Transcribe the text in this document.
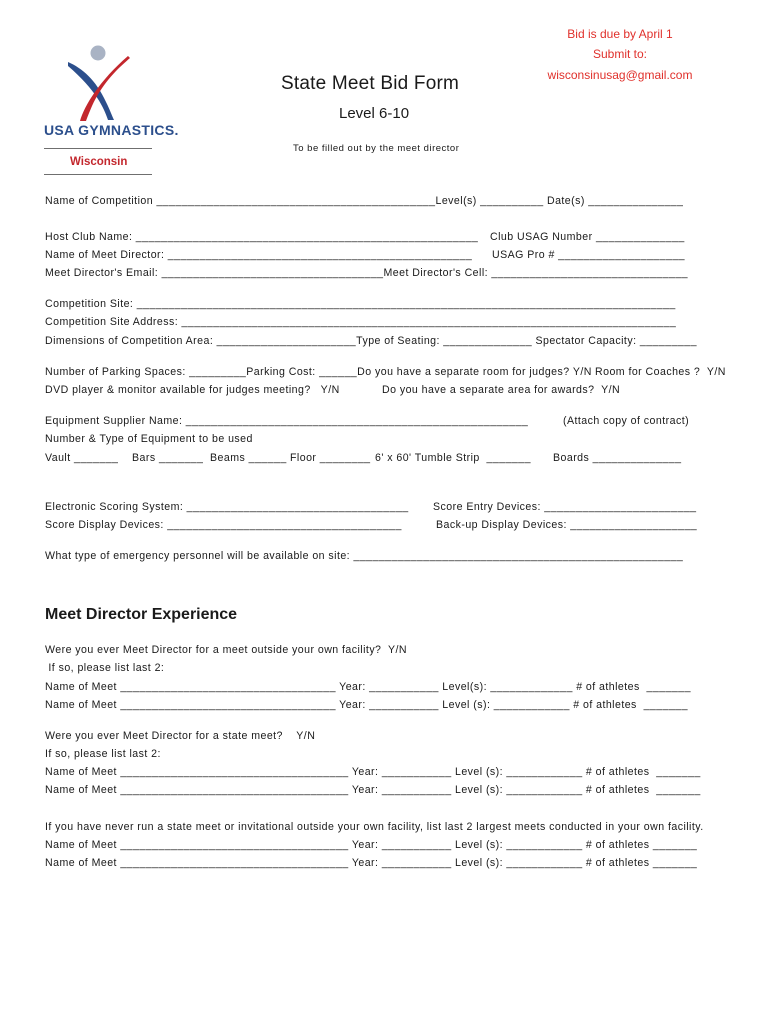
USA GYMNASTICS.
Wisconsin
Bid is due by April 1
Submit to:
wisconsinusag@gmail.com
State Meet Bid Form
Level 6-10
To be filled out by the meet director
Name of Competition ____________________________________________Level(s) __________ Date(s) _______________
Host Club Name: ______________________________________________________ Club USAG Number ______________
Name of Meet Director: ________________________________________________ USAG Pro # ____________________
Meet Director's Email: ___________________________________Meet Director's Cell: _______________________________
Competition Site: _____________________________________________________________________________________
Competition Site Address: ______________________________________________________________________________
Dimensions of Competition Area: ______________________Type of Seating: ______________ Spectator Capacity: _________
Number of Parking Spaces: _________Parking Cost: ______Do you have a separate room for judges? Y/N Room for Coaches ?  Y/N
DVD player & monitor available for judges meeting?   Y/N	Do you have a separate area for awards?  Y/N
Equipment Supplier Name: ______________________________________________________	(Attach copy of contract)
Number & Type of Equipment to be used
Vault _______ Bars _______ Beams ______ Floor ________ 6' x 60' Tumble Strip  _______ Boards ______________
Electronic Scoring System: ___________________________________ Score Entry Devices: ________________________
Score Display Devices: _____________________________________	Back-up Display Devices: ____________________
What type of emergency personnel will be available on site: ____________________________________________________
Meet Director Experience
Were you ever Meet Director for a meet outside your own facility?  Y/N
If so, please list last 2:
Name of Meet __________________________________ Year: ___________ Level(s): _____________ # of athletes  _______
Name of Meet __________________________________ Year: ___________ Level (s): ____________ # of athletes  _______
Were you ever Meet Director for a state meet?    Y/N
If so, please list last 2:
Name of Meet ____________________________________ Year: ___________ Level (s): ____________ # of athletes  _______
Name of Meet ____________________________________ Year: ___________ Level (s): ____________ # of athletes  _______
If you have never run a state meet or invitational outside your own facility, list last 2 largest meets conducted in your own facility.
Name of Meet ____________________________________ Year: ___________ Level (s): ____________ # of athletes _______
Name of Meet ____________________________________ Year: ___________ Level (s): ____________ # of athletes _______
